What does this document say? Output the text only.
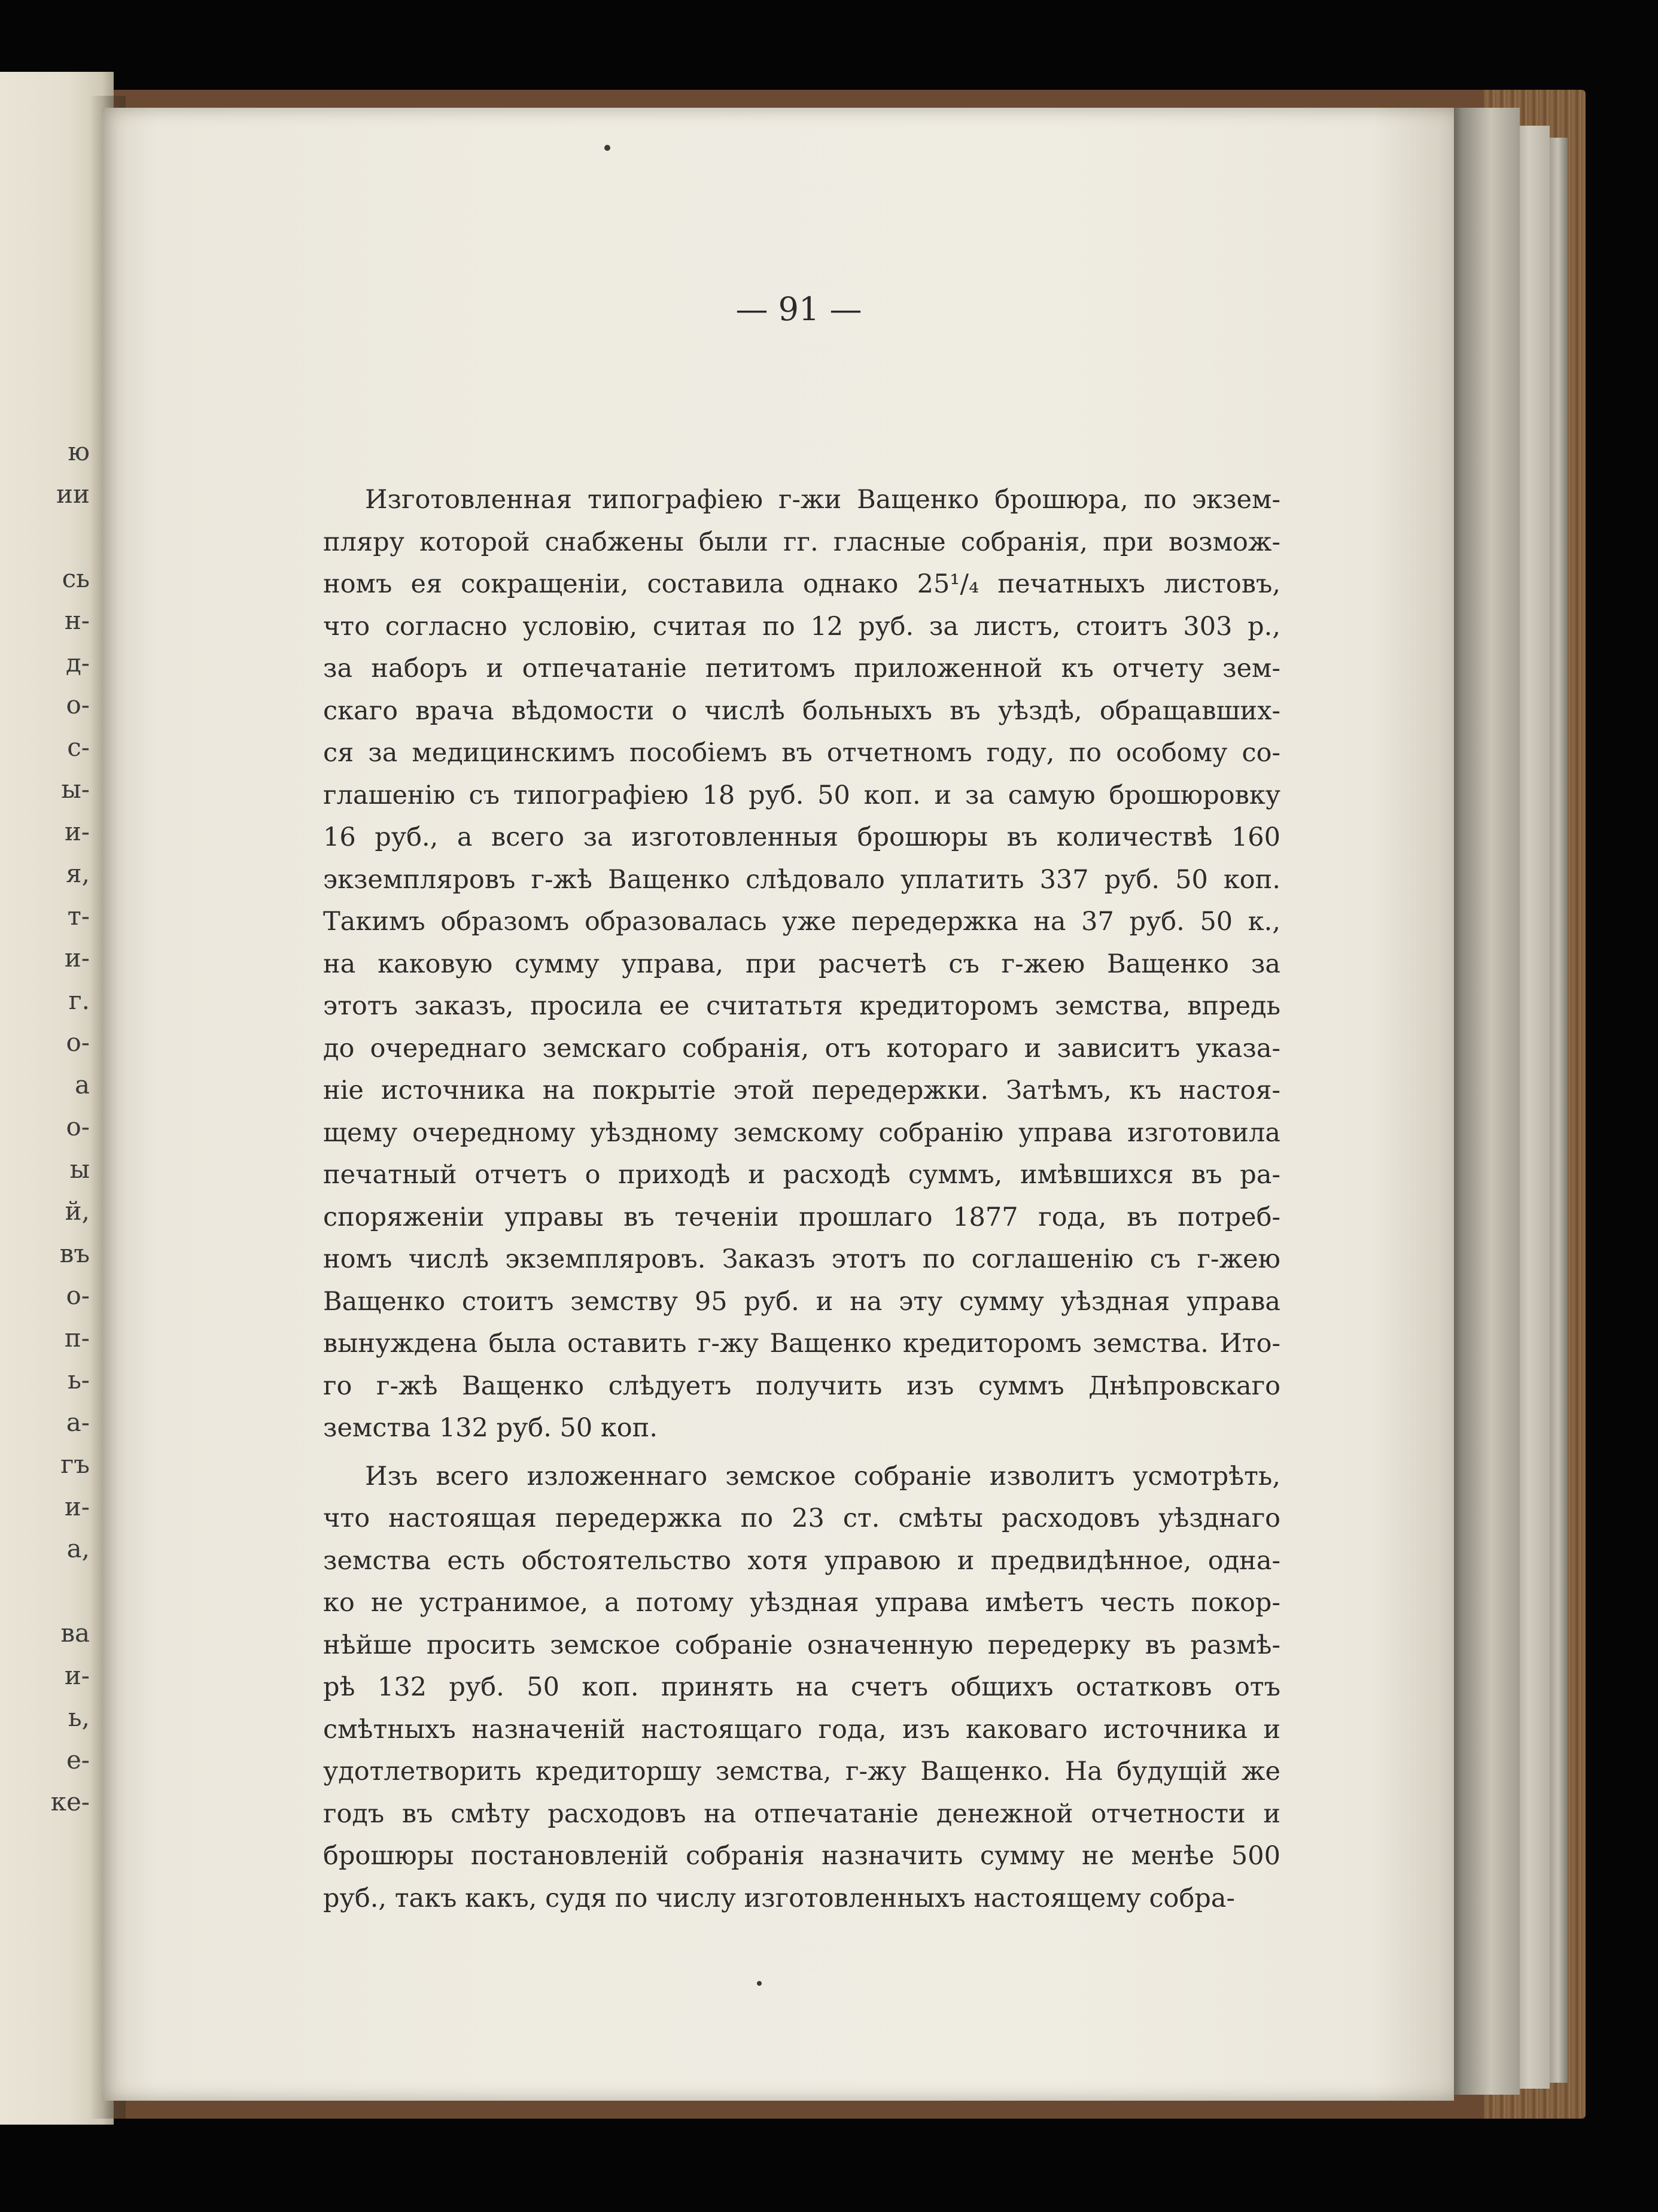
ю
ии
сь
н-
д-
о-
с-
ы-
и-
я,
т-
и-
г.
о-
а
о-
ы
й,
въ
о-
п-
ь-
а-
гъ
и-
а,
ва
и-
ь,
е-
ке-
— 91 —
Изготовленная типографіею г-жи Ващенко брошюра, по экзем-
пляру которой снабжены были гг. гласные собранія, при возмож-
номъ ея сокращеніи, составила однако 25¹/₄ печатныхъ листовъ,
что согласно условію, считая по 12 руб. за листъ, стоитъ 303 р.,
за наборъ и отпечатаніе петитомъ приложенной къ отчету зем-
скаго врача вѣдомости о числѣ больныхъ въ уѣздѣ, обращавших-
ся за медицинскимъ пособіемъ въ отчетномъ году, по особому со-
глашенію съ типографіею 18 руб. 50 коп. и за самую брошюровку
16 руб., а всего за изготовленныя брошюры въ количествѣ 160
экземпляровъ г-жѣ Ващенко слѣдовало уплатить 337 руб. 50 коп.
Такимъ образомъ образовалась уже передержка на 37 руб. 50 к.,
на каковую сумму управа, при расчетѣ съ г-жею Ващенко за
этотъ заказъ, просила ее считатьтя кредиторомъ земства, впредь
до очереднаго земскаго собранія, отъ котораго и зависитъ указа-
ніе источника на покрытіе этой передержки. Затѣмъ, къ настоя-
щему очередному уѣздному земскому собранію управа изготовила
печатный отчетъ о приходѣ и расходѣ суммъ, имѣвшихся въ ра-
споряженіи управы въ теченіи прошлаго 1877 года, въ потреб-
номъ числѣ экземпляровъ. Заказъ этотъ по соглашенію съ г-жею
Ващенко стоитъ земству 95 руб. и на эту сумму уѣздная управа
вынуждена была оставить г-жу Ващенко кредиторомъ земства. Ито-
го г-жѣ Ващенко слѣдуетъ получить изъ суммъ Днѣпровскаго
земства 132 руб. 50 коп.
Изъ всего изложеннаго земское собраніе изволитъ усмотрѣть,
что настоящая передержка по 23 ст. смѣты расходовъ уѣзднаго
земства есть обстоятельство хотя управою и предвидѣнное, одна-
ко не устранимое, а потому уѣздная управа имѣетъ честь покор-
нѣйше просить земское собраніе означенную передерку въ размѣ-
рѣ 132 руб. 50 коп. принять на счетъ общихъ остатковъ отъ
смѣтныхъ назначеній настоящаго года, изъ каковаго источника и
удотлетворить кредиторшу земства, г-жу Ващенко. На будущій же
годъ въ смѣту расходовъ на отпечатаніе денежной отчетности и
брошюры постановленій собранія назначить сумму не менѣе 500
руб., такъ какъ, судя по числу изготовленныхъ настоящему собра-
